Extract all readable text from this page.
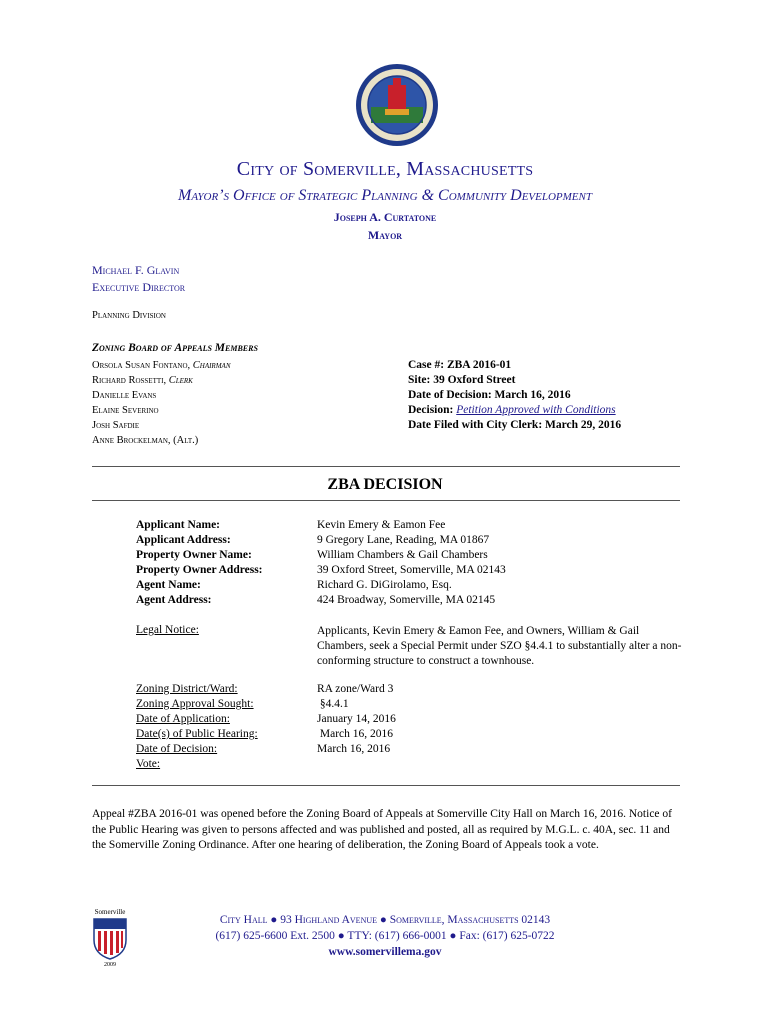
City of Somerville, Massachusetts
Mayor’s Office of Strategic Planning & Community Development
Joseph A. Curtatone
Mayor
Michael F. Glavin
Executive Director
Planning Division
Zoning Board of Appeals Members
Orsola Susan Fontano, Chairman
Richard Rossetti, Clerk
Danielle Evans
Elaine Severino
Josh Safdie
Anne Brockelman, (Alt.)
Case #: ZBA 2016-01
Site: 39 Oxford Street
Date of Decision: March 16, 2016
Decision: Petition Approved with Conditions
Date Filed with City Clerk: March 29, 2016
ZBA DECISION
Applicant Name:
Applicant Address:
Property Owner Name:
Property Owner Address:
Agent Name:
Agent Address:
Kevin Emery & Eamon Fee
9 Gregory Lane, Reading, MA 01867
William Chambers & Gail Chambers
39 Oxford Street, Somerville, MA 02143
Richard G. DiGirolamo, Esq.
424 Broadway, Somerville, MA 02145
Legal Notice:	Applicants, Kevin Emery & Eamon Fee, and Owners, William & Gail Chambers, seek a Special Permit under SZO §4.4.1 to substantially alter a non-conforming structure to construct a townhouse.
Zoning District/Ward:
Zoning Approval Sought:
Date of Application:
Date(s) of Public Hearing:
Date of Decision:
Vote:
RA zone/Ward 3
§4.4.1
January 14, 2016
March 16, 2016
March 16, 2016
Appeal #ZBA 2016-01 was opened before the Zoning Board of Appeals at Somerville City Hall on March 16, 2016. Notice of the Public Hearing was given to persons affected and was published and posted, all as required by M.G.L. c. 40A, sec. 11 and the Somerville Zoning Ordinance. After one hearing of deliberation, the Zoning Board of Appeals took a vote.
Somerville
2009
City Hall ● 93 Highland Avenue ● Somerville, Massachusetts 02143
(617) 625-6600 Ext. 2500 ● TTY: (617) 666-0001 ● Fax: (617) 625-0722
www.somervillema.gov
